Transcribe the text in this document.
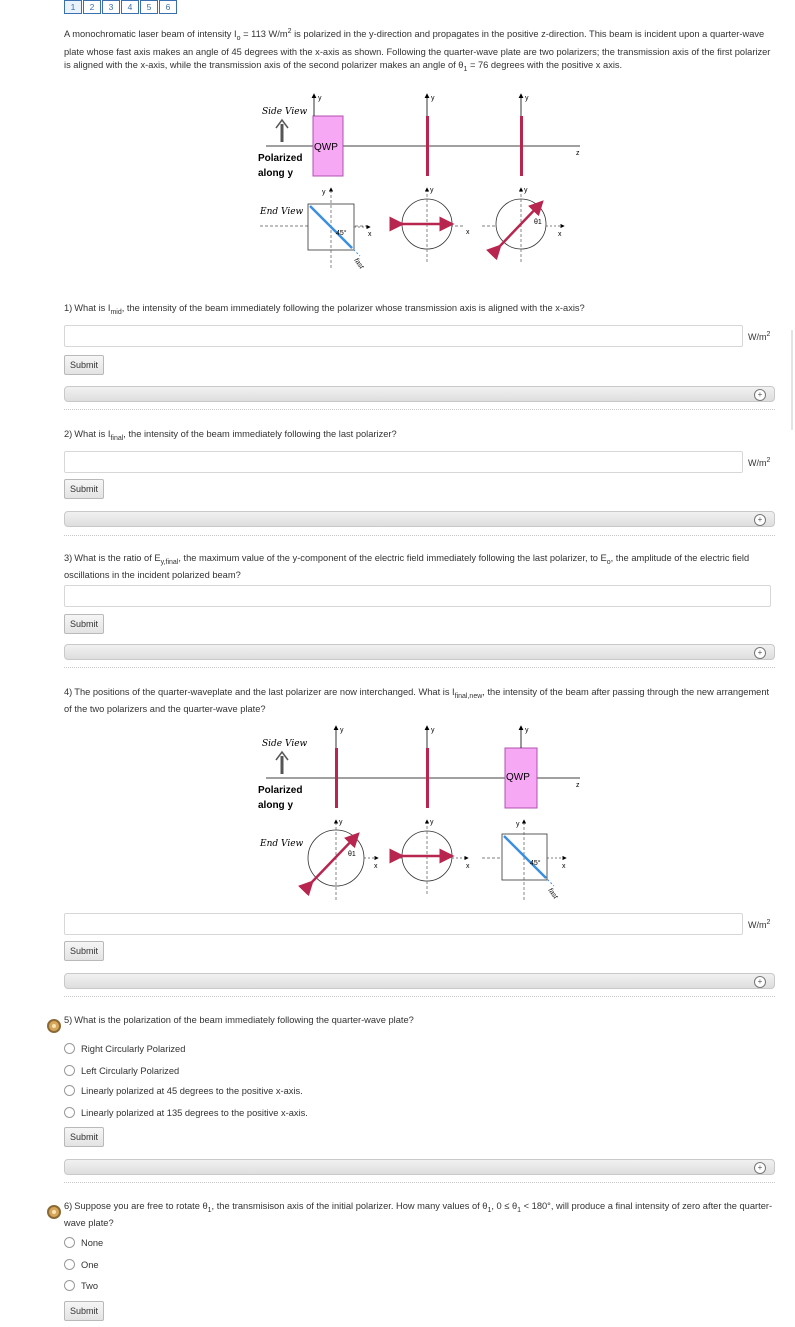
1	2	3	4	5	6
A monochromatic laser beam of intensity $I_o = 113$ $W/m^2$ is polarized in the y-direction and propagates in the positive z-direction. This beam is incident upon a quarter-wave plate whose fast axis makes an angle of 45 degrees with the x-axis as shown. Following the quarter-wave plate are two polarizers; the transmission axis of the first polarizer is aligned with the x-axis, while the transmission axis of the second polarizer makes an angle of $\theta_1 = 76$ degrees with the positive x axis.
Side View
Polarized
along y
z
QWP
y	y	y
End View
y
x
45°
fast
y
x
y
x
θ1
1) What is $I_{mid}$, the intensity of the beam immediately following the polarizer whose transmission axis is aligned with the x-axis?
$W/m^2$
Submit
+
2) What is $I_{final}$, the intensity of the beam immediately following the last polarizer?
$W/m^2$
Submit
+
3) What is the ratio of $E_{y,final}$, the maximum value of the y-component of the electric field immediately following the last polarizer, to $E_o$, the amplitude of the electric field oscillations in the incident polarized beam?
Submit
+
4) The positions of the quarter-waveplate and the last polarizer are now interchanged. What is $I_{final,new}$, the intensity of the beam after passing through the new arrangement of the two polarizers and the quarter-wave plate?
Side View
Polarized
along y
z
y	y
QWP
y
End View
y
x
θ1
y
x
y
x
45°
fast
$W/m^2$
Submit
+
5) What is the polarization of the beam immediately following the quarter-wave plate?
Right Circularly Polarized
Left Circularly Polarized
Linearly polarized at 45 degrees to the positive x-axis.
Linearly polarized at 135 degrees to the positive x-axis.
Submit
+
6) Suppose you are free to rotate $\theta_1$, the transmisison axis of the initial polarizer. How many values of $\theta_1$, $0 \le \theta_1 < 180^\circ$, will produce a final intensity of zero after the quarter-wave plate?
None
One
Two
Submit
